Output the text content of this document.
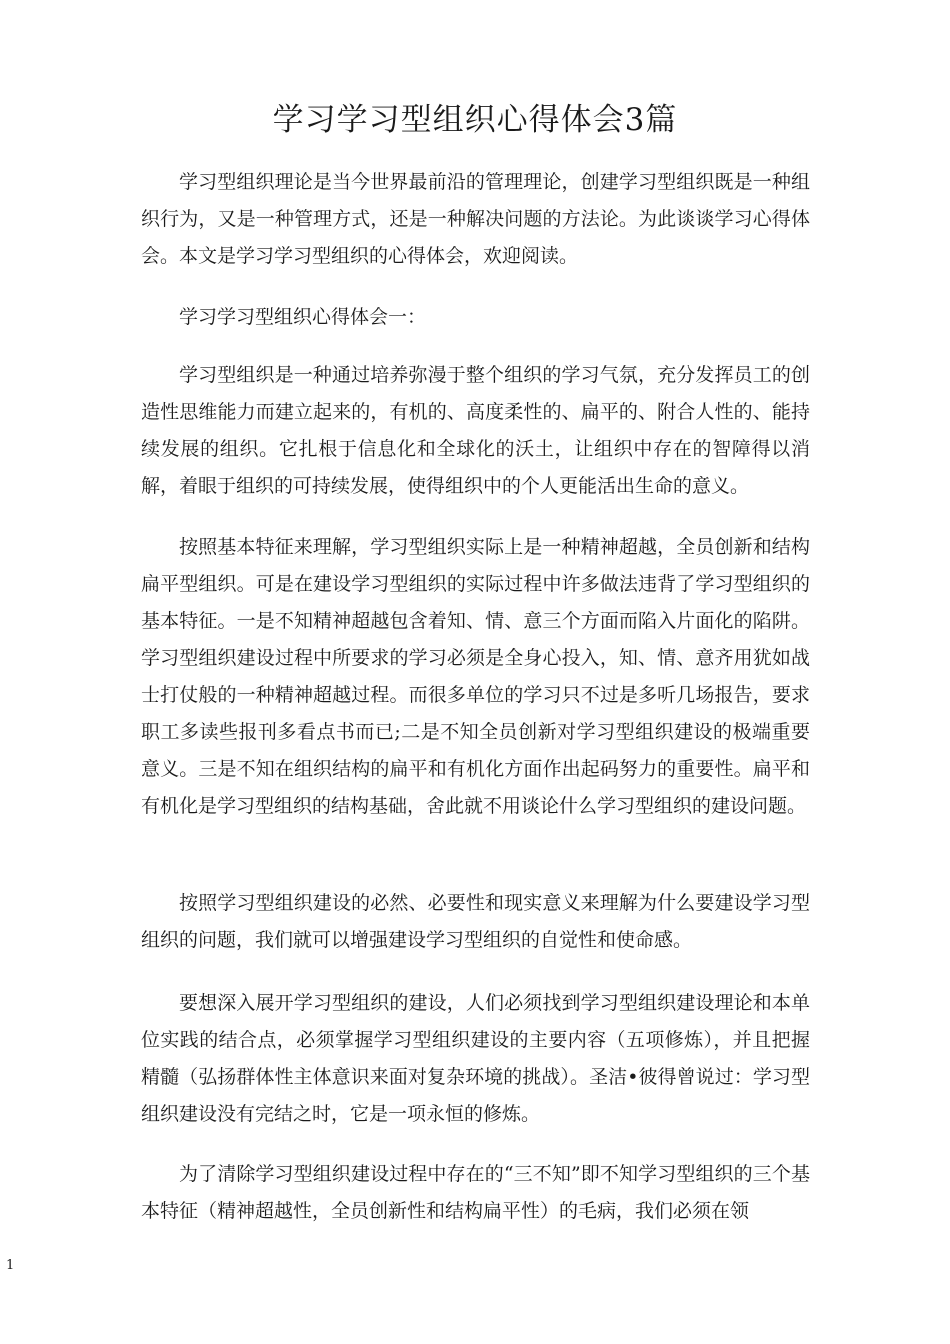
学习学习型组织心得体会3篇

学习型组织理论是当今世界最前沿的管理理论，创建学习型组织既是一种组织行为，又是一种管理方式，还是一种解决问题的方法论。为此谈谈学习心得体会。本文是学习学习型组织的心得体会，欢迎阅读。

学习学习型组织心得体会一：

学习型组织是一种通过培养弥漫于整个组织的学习气氛，充分发挥员工的创造性思维能力而建立起来的，有机的、高度柔性的、扁平的、附合人性的、能持续发展的组织。它扎根于信息化和全球化的沃土，让组织中存在的智障得以消解，着眼于组织的可持续发展，使得组织中的个人更能活出生命的意义。

按照基本特征来理解，学习型组织实际上是一种精神超越，全员创新和结构扁平型组织。可是在建设学习型组织的实际过程中许多做法违背了学习型组织的基本特征。一是不知精神超越包含着知、情、意三个方面而陷入片面化的陷阱。学习型组织建设过程中所要求的学习必须是全身心投入，知、情、意齐用犹如战士打仗般的一种精神超越过程。而很多单位的学习只不过是多听几场报告，要求职工多读些报刊多看点书而已;二是不知全员创新对学习型组织建设的极端重要意义。三是不知在组织结构的扁平和有机化方面作出起码努力的重要性。扁平和有机化是学习型组织的结构基础，舍此就不用谈论什么学习型组织的建设问题。

按照学习型组织建设的必然、必要性和现实意义来理解为什么要建设学习型组织的问题，我们就可以增强建设学习型组织的自觉性和使命感。

要想深入展开学习型组织的建设，人们必须找到学习型组织建设理论和本单位实践的结合点，必须掌握学习型组织建设的主要内容（五项修炼），并且把握精髓（弘扬群体性主体意识来面对复杂环境的挑战）。圣洁•彼得曾说过：学习型组织建设没有完结之时，它是一项永恒的修炼。

为了清除学习型组织建设过程中存在的“三不知”即不知学习型组织的三个基本特征（精神超越性，全员创新性和结构扁平性）的毛病，我们必须在领

1
